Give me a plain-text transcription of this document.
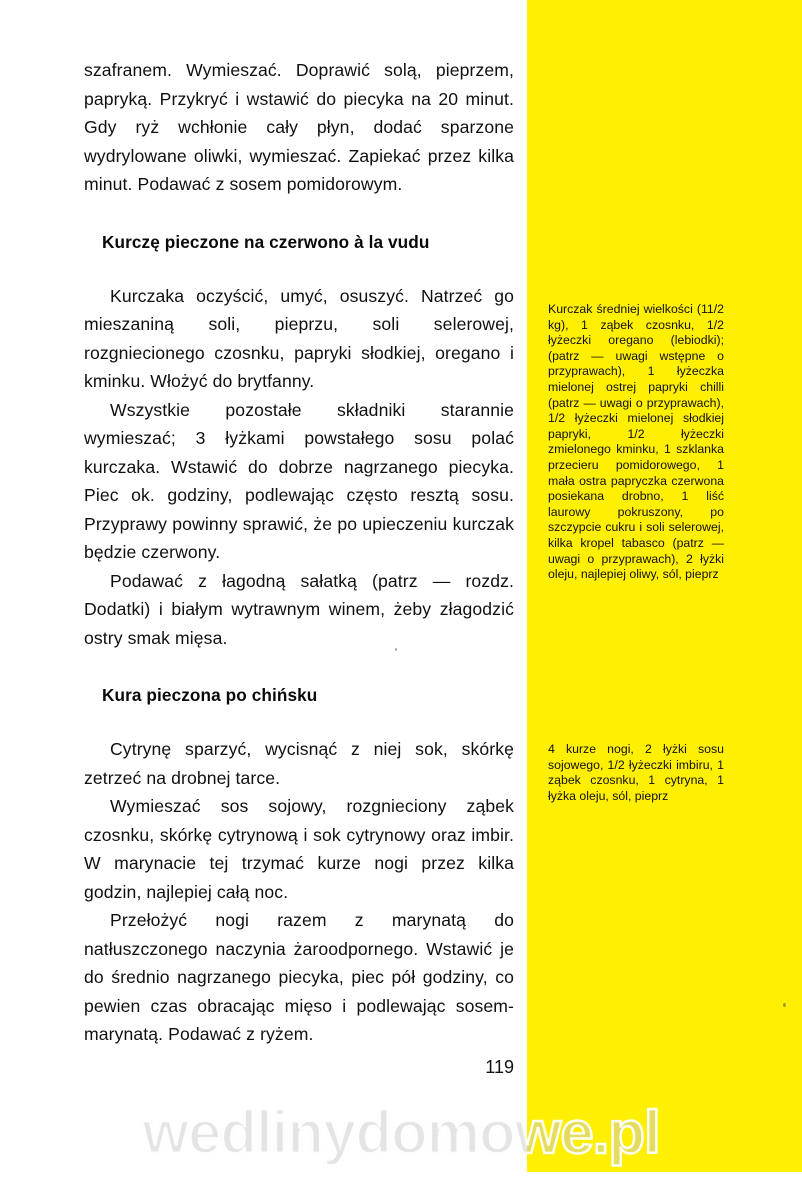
szafranem. Wymieszać. Doprawić solą, pieprzem, papryką. Przykryć i wstawić do piecyka na 20 minut. Gdy ryż wchłonie cały płyn, dodać sparzone wydrylowane oliwki, wymieszać. Zapiekać przez kilka minut. Podawać z sosem pomidorowym.

Kurczę pieczone na czerwono à la vudu

Kurczaka oczyścić, umyć, osuszyć. Natrzeć go mieszaniną soli, pieprzu, soli selerowej, rozgniecionego czosnku, papryki słodkiej, oregano i kminku. Włożyć do brytfanny.

Wszystkie pozostałe składniki starannie wymieszać; 3 łyżkami powstałego sosu polać kurczaka. Wstawić do dobrze nagrzanego piecyka. Piec ok. godziny, podlewając często resztą sosu. Przyprawy powinny sprawić, że po upieczeniu kurczak będzie czerwony.

Podawać z łagodną sałatką (patrz — rozdz. Dodatki) i białym wytrawnym winem, żeby złagodzić ostry smak mięsa.

Kura pieczona po chińsku

Cytrynę sparzyć, wycisnąć z niej sok, skórkę zetrzeć na drobnej tarce.

Wymieszać sos sojowy, rozgnieciony ząbek czosnku, skórkę cytrynową i sok cytrynowy oraz imbir. W marynacie tej trzymać kurze nogi przez kilka godzin, najlepiej całą noc.

Przełożyć nogi razem z marynatą do natłuszczonego naczynia żaroodpornego. Wstawić je do średnio nagrzanego piecyka, piec pół godziny, co pewien czas obracając mięso i podlewając sosem-marynatą. Podawać z ryżem.

119
Kurczak średniej wielkości (11/2 kg), 1 ząbek czosnku, 1/2 łyżeczki oregano (lebiodki); (patrz — uwagi wstępne o przyprawach), 1 łyżeczka mielonej ostrej papryki chilli (patrz — uwagi o przyprawach), 1/2 łyżeczki mielonej słodkiej papryki, 1/2 łyżeczki zmielonego kminku, 1 szklanka przecieru pomidorowego, 1 mała ostra papryczka czerwona posiekana drobno, 1 liść laurowy pokruszony, po szczypcie cukru i soli selerowej, kilka kropel tabasco (patrz — uwagi o przyprawach), 2 łyżki oleju, najlepiej oliwy, sól, pieprz
4 kurze nogi, 2 łyżki sosu sojowego, 1/2 łyżeczki imbiru, 1 ząbek czosnku, 1 cytryna, 1 łyżka oleju, sól, pieprz
wedlinydomowe.pl
